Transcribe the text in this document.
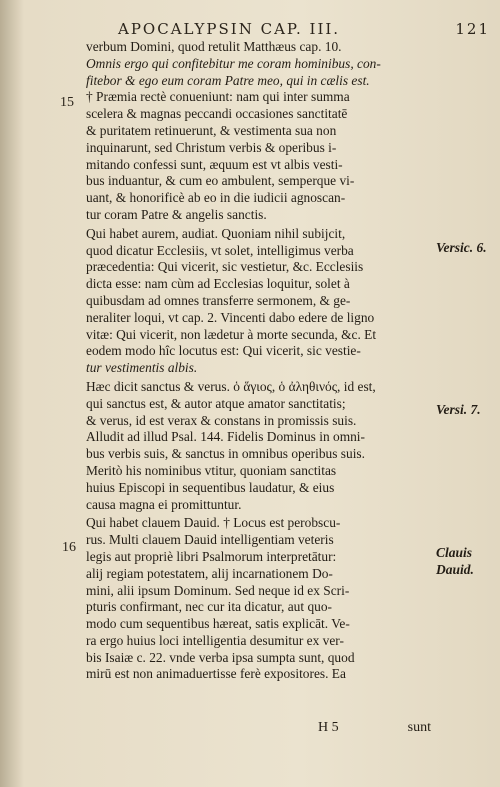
APOCALYPSIN CAP. III.	121
15
16
Versic. 6.
Versi. 7.
Clauis
Dauid.
verbum Domini, quod retulit Matthæus cap. 10.
Omnis ergo qui confitebitur me coram hominibus, con-
fitebor & ego eum coram Patre meo, qui in cælis est.
† Præmia rectè conueniunt: nam qui inter summa
scelera & magnas peccandi occasiones sanctitatē
& puritatem retinuerunt, & vestimenta sua non
inquinarunt, sed Christum verbis & operibus i-
mitando confessi sunt, æquum est vt albis vesti-
bus induantur, & cum eo ambulent, semperque vi-
uant, & honorificè ab eo in die iudicii agnoscan-
tur coram Patre & angelis sanctis.
Qui habet aurem, audiat. Quoniam nihil subijcit,
quod dicatur Ecclesiis, vt solet, intelligimus verba
præcedentia: Qui vicerit, sic vestietur, &c. Ecclesiis
dicta esse: nam cùm ad Ecclesias loquitur, solet à
quibusdam ad omnes transferre sermonem, & ge-
neraliter loqui, vt cap. 2. Vincenti dabo edere de ligno
vitæ: Qui vicerit, non lædetur à morte secunda, &c. Et
eodem modo hîc locutus est: Qui vicerit, sic vestie-
tur vestimentis albis.
Hæc dicit sanctus & verus. ὁ ἅγιος, ὁ ἀληθινός, id est,
qui sanctus est, & autor atque amator sanctitatis;
& verus, id est verax & constans in promissis suis.
Alludit ad illud Psal. 144. Fidelis Dominus in omni-
bus verbis suis, & sanctus in omnibus operibus suis.
Meritò his nominibus vtitur, quoniam sanctitas
huius Episcopi in sequentibus laudatur, & eius
causa magna ei promittuntur.
Qui habet clauem Dauid. † Locus est perobscu-
rus. Multi clauem Dauid intelligentiam veteris
legis aut propriè libri Psalmorum interpretātur:
alij regiam potestatem, alij incarnationem Do-
mini, alii ipsum Dominum. Sed neque id ex Scri-
pturis confirmant, nec cur ita dicatur, aut quo-
modo cum sequentibus hæreat, satis explicāt. Ve-
ra ergo huius loci intelligentia desumitur ex ver-
bis Isaiæ c. 22. vnde verba ipsa sumpta sunt, quod
mirū est non animaduertisse ferè expositores. Ea
H 5	sunt
